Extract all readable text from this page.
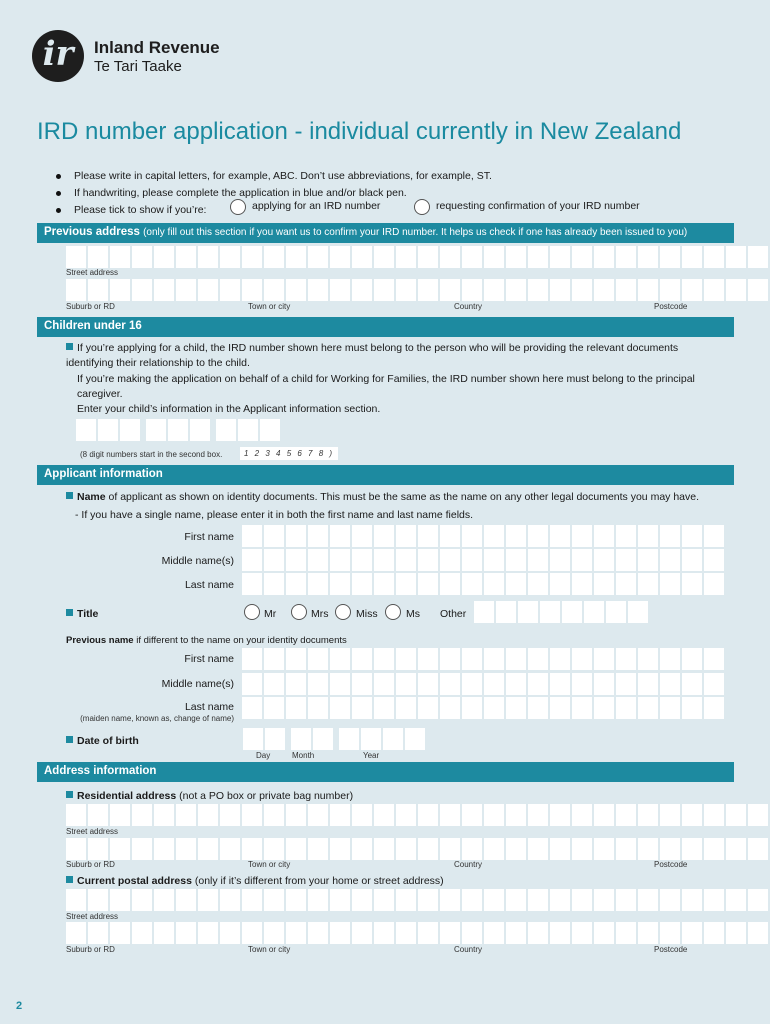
ir	Inland Revenue
Te Tari Taake
IRD number application - individual currently in New Zealand
Please write in capital letters, for example, ABC. Don’t use abbreviations, for example, ST.
If handwriting, please complete the application in blue and/or black pen.
Please tick to show if you’re:	applying for an IRD number	requesting confirmation of your IRD number
Previous address (only fill out this section if you want us to confirm your IRD number. It helps us check if one has already been issued to you)
Street address
Suburb or RD	Town or city	Country	Postcode
Children under 16
If you’re applying for a child, the IRD number shown here must belong to the person who will be providing the relevant documents identifying their relationship to the child.
If you’re making the application on behalf of a child for Working for Families, the IRD number shown here must belong to the principal caregiver.
Enter your child’s information in the Applicant information section.
(8 digit numbers start in the second box.	1 2 3 4 5 6 7 8 )
Applicant information
Name of applicant as shown on identity documents. This must be the same as the name on any other legal documents you may have.
- If you have a single name, please enter it in both the first name and last name fields.
First name
Middle name(s)
Last name
Title	Mr	Mrs	Miss	Ms Other
Previous name if different to the name on your identity documents
First name
Middle name(s)
Last name
(maiden name, known as, change of name)
Date of birth
Day	Month	Year
Address information
Residential address (not a PO box or private bag number)
Street address
Suburb or RD	Town or city	Country	Postcode
Current postal address (only if it’s different from your home or street address)
Street address
Suburb or RD	Town or city	Country	Postcode
2
